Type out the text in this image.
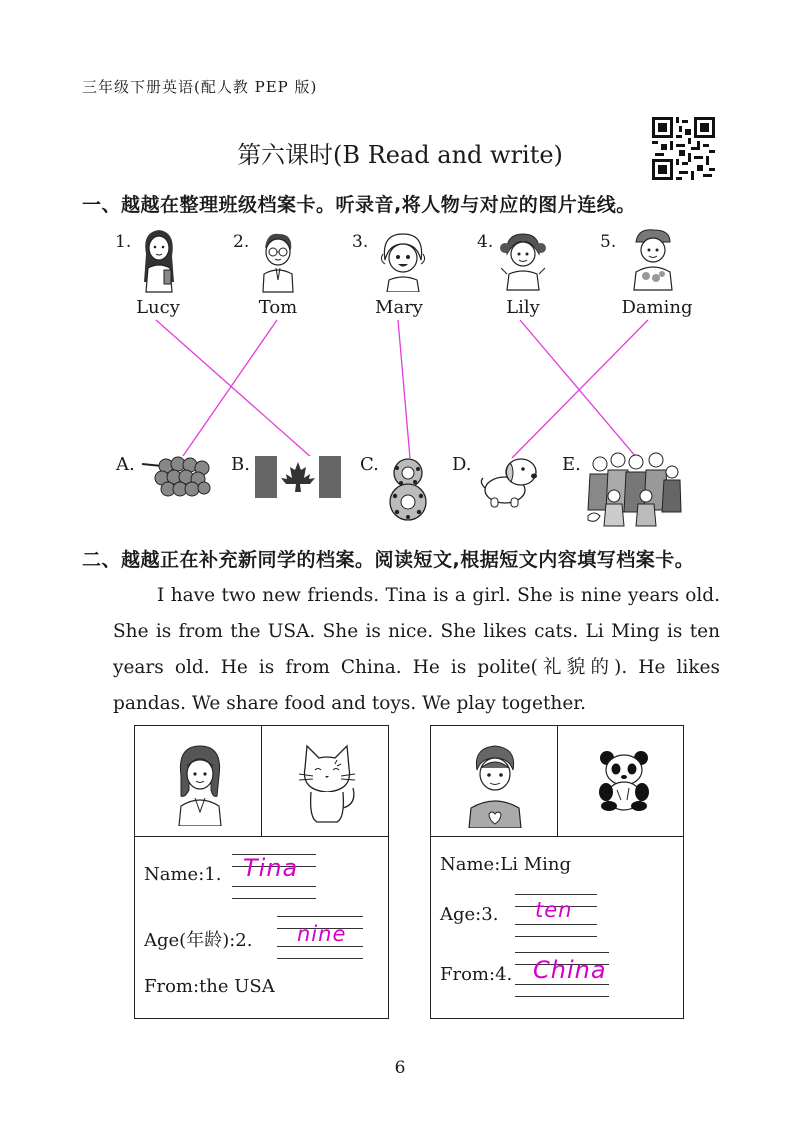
三年级下册英语(配人教 PEP 版)
第六课时(B Read and write)
一、越越在整理班级档案卡。听录音,将人物与对应的图片连线。
1.	2.	3.	4.	5.
Lucy	Tom	Mary	Lily	Daming
A.	B.	C.	D.	E.
二、越越正在补充新同学的档案。阅读短文,根据短文内容填写档案卡。

I have two new friends. Tina is a girl. She is nine years old. She is from the USA. She is nice. She likes cats. Li Ming is ten years old. He is from China. He is polite(礼貌的). He likes pandas. We share food and toys. We play together.

Name:1. Tina
Age(年龄):2. nine
From:the USA
Name:Li Ming
Age:3. ten
From:4. China
6
